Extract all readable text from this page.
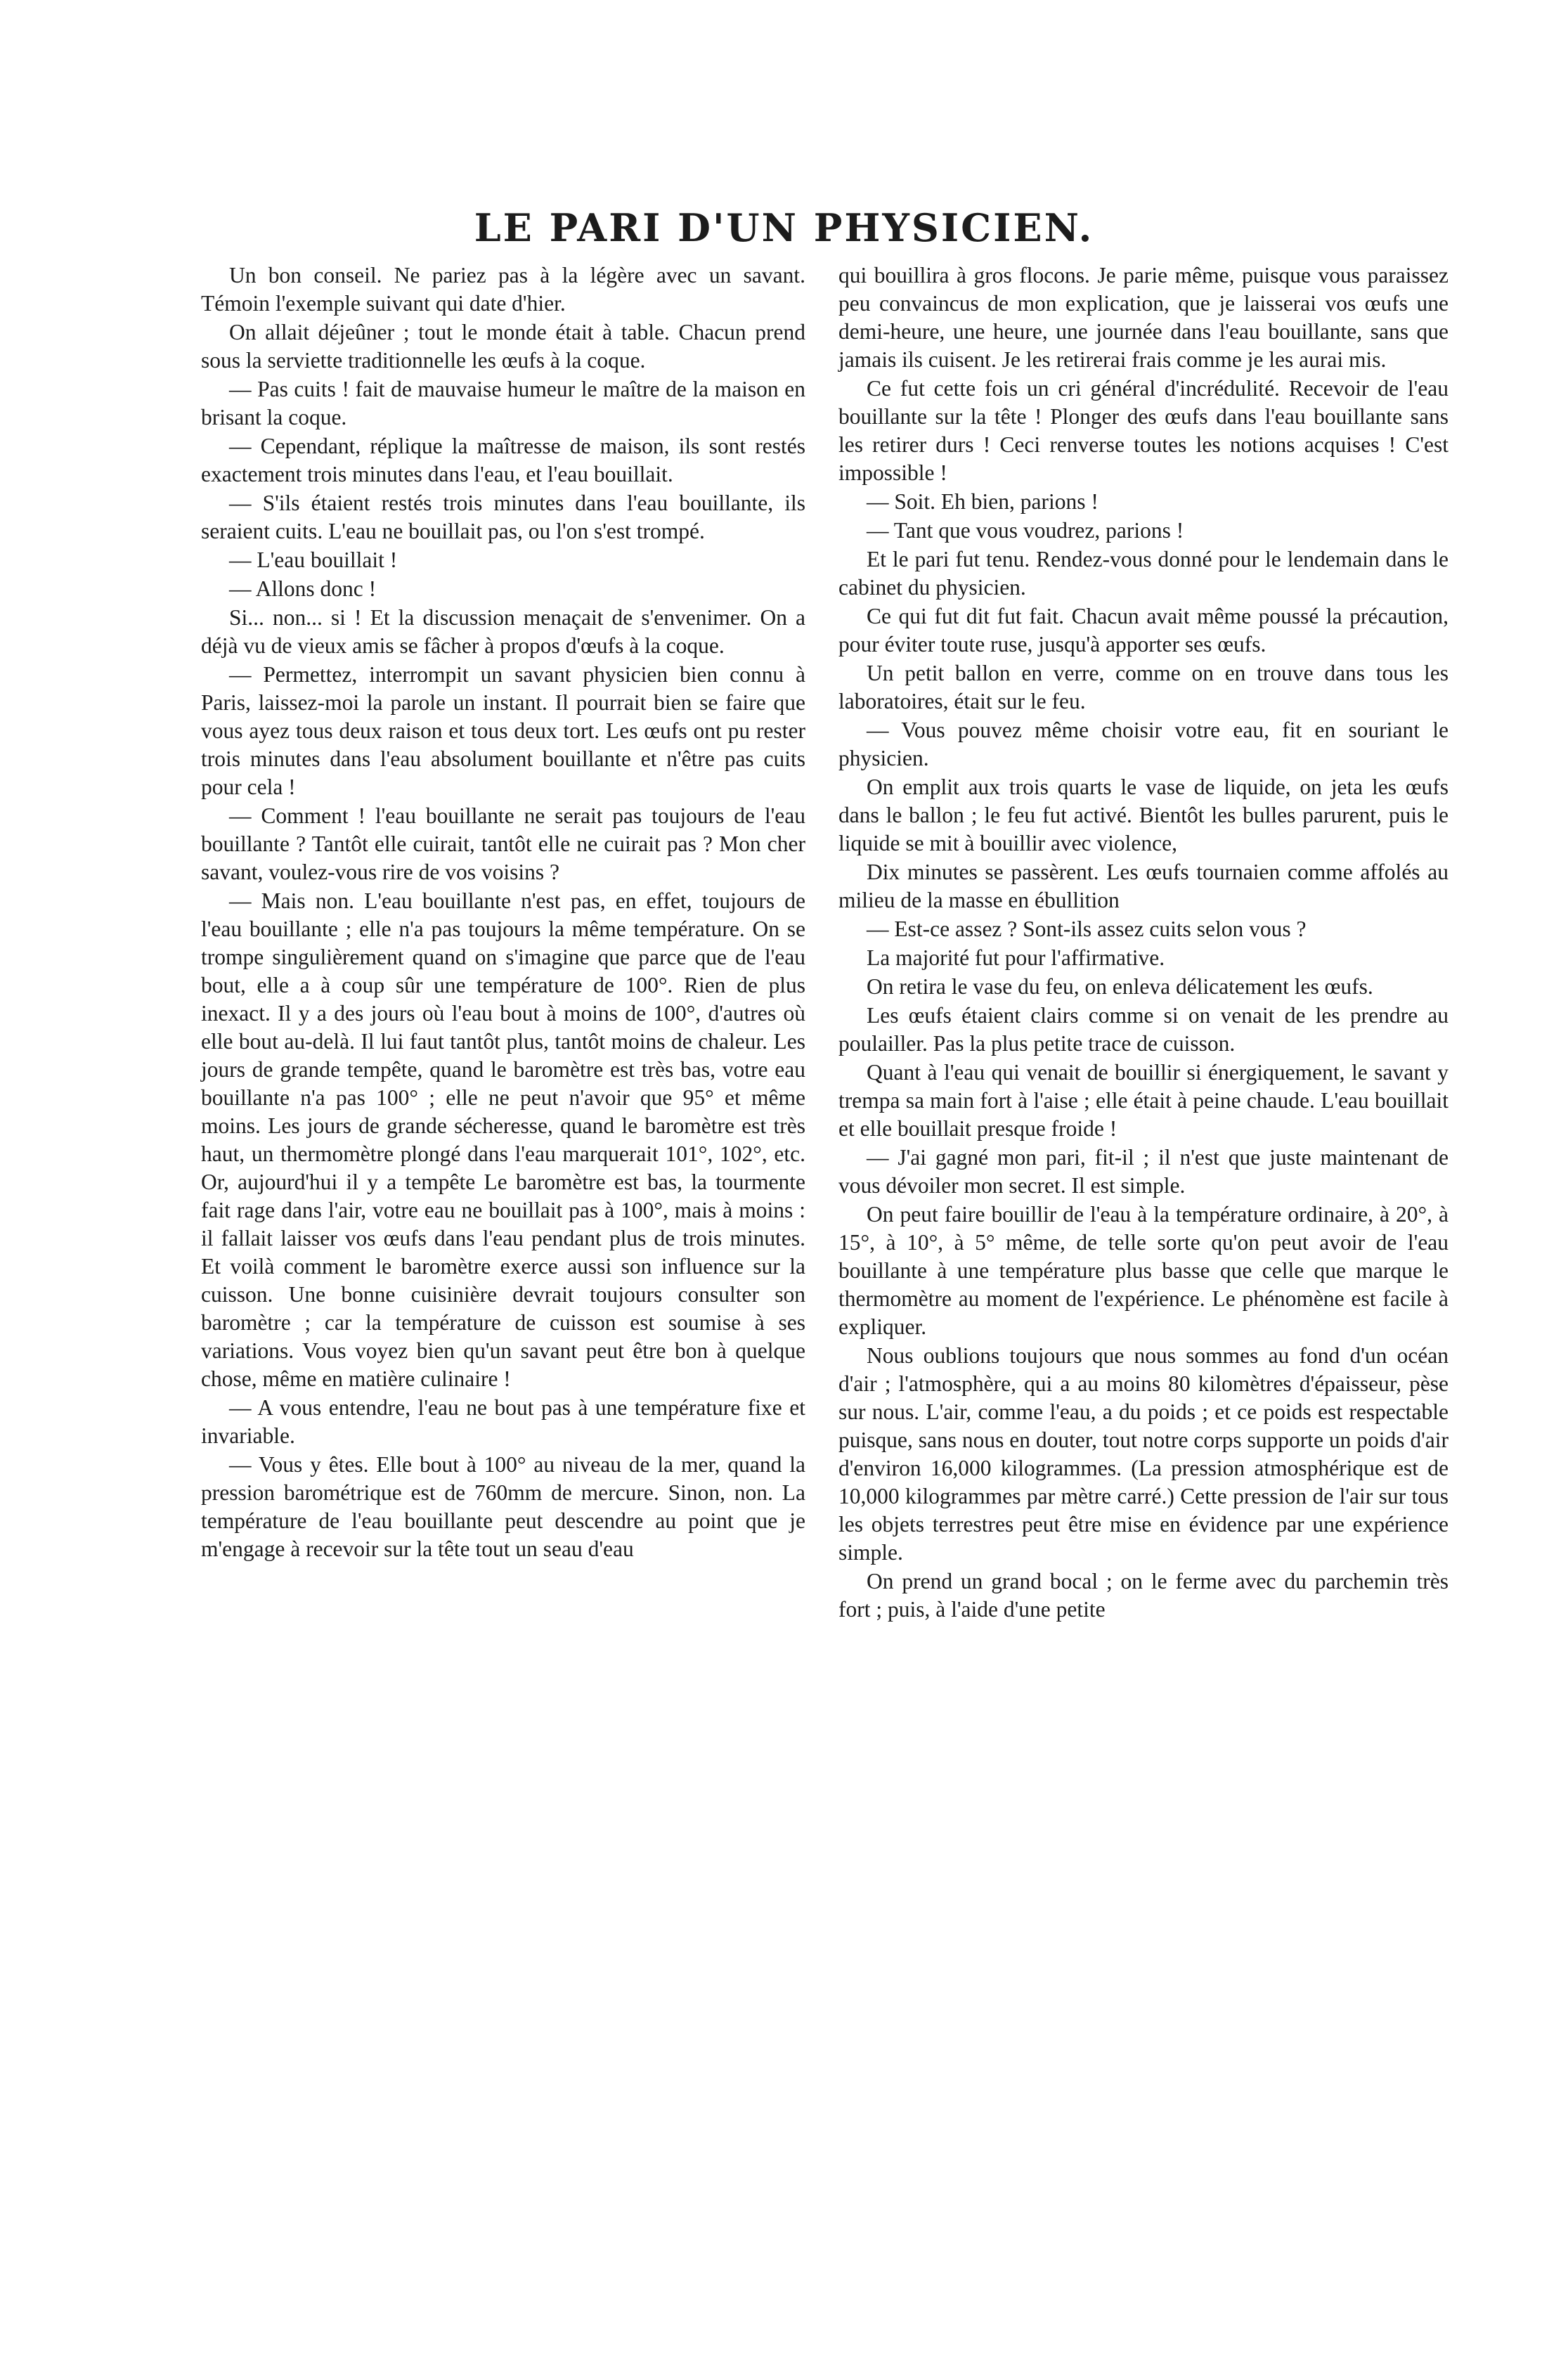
LE PARI D'UN PHYSICIEN.

Un bon conseil. Ne pariez pas à la légère avec un savant. Témoin l'exemple suivant qui date d'hier.

On allait déjeûner ; tout le monde était à table. Chacun prend sous la serviette traditionnelle les œufs à la coque.

— Pas cuits ! fait de mauvaise humeur le maître de la maison en brisant la coque.

— Cependant, réplique la maîtresse de maison, ils sont restés exactement trois minutes dans l'eau, et l'eau bouillait.

— S'ils étaient restés trois minutes dans l'eau bouillante, ils seraient cuits. L'eau ne bouillait pas, ou l'on s'est trompé.

— L'eau bouillait !

— Allons donc !

Si... non... si ! Et la discussion menaçait de s'envenimer. On a déjà vu de vieux amis se fâcher à propos d'œufs à la coque.

— Permettez, interrompit un savant physicien bien connu à Paris, laissez-moi la parole un instant. Il pourrait bien se faire que vous ayez tous deux raison et tous deux tort. Les œufs ont pu rester trois minutes dans l'eau absolument bouillante et n'être pas cuits pour cela !

— Comment ! l'eau bouillante ne serait pas toujours de l'eau bouillante ? Tantôt elle cuirait, tantôt elle ne cuirait pas ? Mon cher savant, voulez-vous rire de vos voisins ?

— Mais non. L'eau bouillante n'est pas, en effet, toujours de l'eau bouillante ; elle n'a pas toujours la même température. On se trompe singulièrement quand on s'imagine que parce que de l'eau bout, elle a à coup sûr une température de 100°. Rien de plus inexact. Il y a des jours où l'eau bout à moins de 100°, d'autres où elle bout au-delà. Il lui faut tantôt plus, tantôt moins de chaleur. Les jours de grande tempête, quand le baromètre est très bas, votre eau bouillante n'a pas 100° ; elle ne peut n'avoir que 95° et même moins. Les jours de grande sécheresse, quand le baromètre est très haut, un thermomètre plongé dans l'eau marquerait 101°, 102°, etc. Or, aujourd'hui il y a tempête Le baromètre est bas, la tourmente fait rage dans l'air, votre eau ne bouillait pas à 100°, mais à moins : il fallait laisser vos œufs dans l'eau pendant plus de trois minutes. Et voilà comment le baromètre exerce aussi son influence sur la cuisson. Une bonne cuisinière devrait toujours consulter son baromètre ; car la température de cuisson est soumise à ses variations. Vous voyez bien qu'un savant peut être bon à quelque chose, même en matière culinaire !

— A vous entendre, l'eau ne bout pas à une température fixe et invariable.

— Vous y êtes. Elle bout à 100° au niveau de la mer, quand la pression barométrique est de 760mm de mercure. Sinon, non. La température de l'eau bouillante peut descendre au point que je m'engage à recevoir sur la tête tout un seau d'eau

qui bouillira à gros flocons. Je parie même, puisque vous paraissez peu convaincus de mon explication, que je laisserai vos œufs une demi-heure, une heure, une journée dans l'eau bouillante, sans que jamais ils cuisent. Je les retirerai frais comme je les aurai mis.

Ce fut cette fois un cri général d'incrédulité. Recevoir de l'eau bouillante sur la tête ! Plonger des œufs dans l'eau bouillante sans les retirer durs ! Ceci renverse toutes les notions acquises ! C'est impossible !

— Soit. Eh bien, parions !

— Tant que vous voudrez, parions !

Et le pari fut tenu. Rendez-vous donné pour le lendemain dans le cabinet du physicien.

Ce qui fut dit fut fait. Chacun avait même poussé la précaution, pour éviter toute ruse, jusqu'à apporter ses œufs.

Un petit ballon en verre, comme on en trouve dans tous les laboratoires, était sur le feu.

— Vous pouvez même choisir votre eau, fit en souriant le physicien.

On emplit aux trois quarts le vase de liquide, on jeta les œufs dans le ballon ; le feu fut activé. Bientôt les bulles parurent, puis le liquide se mit à bouillir avec violence,

Dix minutes se passèrent. Les œufs tournaien comme affolés au milieu de la masse en ébullition

— Est-ce assez ? Sont-ils assez cuits selon vous ?

La majorité fut pour l'affirmative.

On retira le vase du feu, on enleva délicatement les œufs.

Les œufs étaient clairs comme si on venait de les prendre au poulailler. Pas la plus petite trace de cuisson.

Quant à l'eau qui venait de bouillir si énergiquement, le savant y trempa sa main fort à l'aise ; elle était à peine chaude. L'eau bouillait et elle bouillait presque froide !

— J'ai gagné mon pari, fit-il ; il n'est que juste maintenant de vous dévoiler mon secret. Il est simple.

On peut faire bouillir de l'eau à la température ordinaire, à 20°, à 15°, à 10°, à 5° même, de telle sorte qu'on peut avoir de l'eau bouillante à une température plus basse que celle que marque le thermomètre au moment de l'expérience. Le phénomène est facile à expliquer.

Nous oublions toujours que nous sommes au fond d'un océan d'air ; l'atmosphère, qui a au moins 80 kilomètres d'épaisseur, pèse sur nous. L'air, comme l'eau, a du poids ; et ce poids est respectable puisque, sans nous en douter, tout notre corps supporte un poids d'air d'environ 16,000 kilogrammes. (La pression atmosphérique est de 10,000 kilogrammes par mètre carré.) Cette pression de l'air sur tous les objets terrestres peut être mise en évidence par une expérience simple.

On prend un grand bocal ; on le ferme avec du parchemin très fort ; puis, à l'aide d'une petite
